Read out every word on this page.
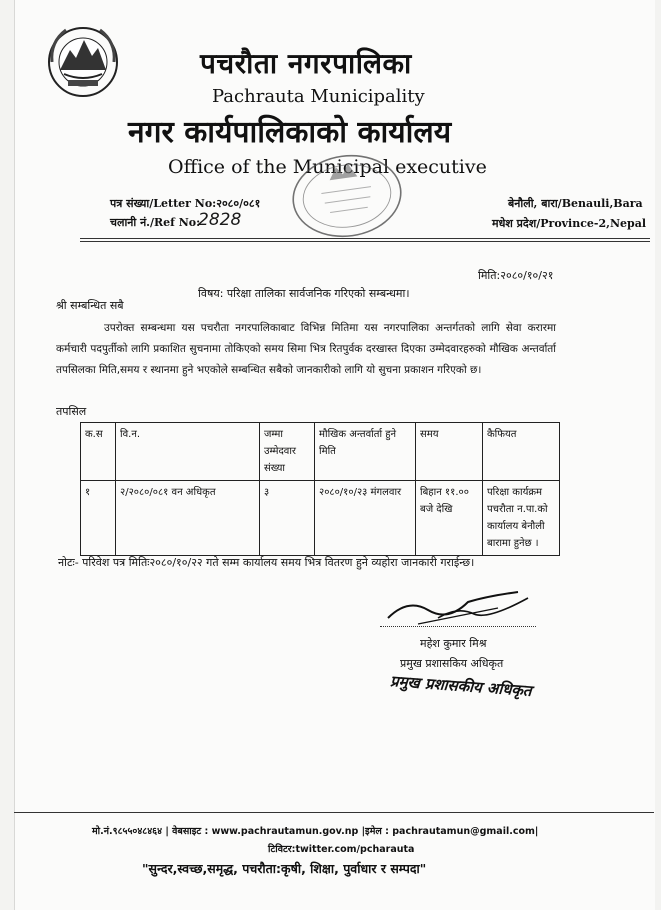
पचरौता नगरपालिका
Pachrauta Municipality
नगर कार्यपालिकाको कार्यालय
Office of the Municipal executive
पत्र संख्या/Letter No:२०८०/०८१
चलानी नं./Ref No:
2828
बेनौली, बारा/Benauli,Bara
मधेश प्रदेश/Province-2,Nepal
मिति:२०८०/१०/२१
विषय: परिक्षा तालिका सार्वजनिक गरिएको सम्बन्धमा।
श्री सम्बन्धित सबै
उपरोक्त सम्बन्धमा यस पचरौता नगरपालिकाबाट विभिन्न मितिमा यस नगरपालिका अन्तर्गतको लागि सेवा करारमा कर्मचारी पदपुर्तीको लागि प्रकाशित सुचनामा तोकिएको समय सिमा भित्र रितपुर्वक दरखास्त दिएका उम्मेदवारहरुको मौखिक अन्तर्वार्ता तपसिलका मिति,समय र स्थानमा हुने भएकोले सम्बन्धित सबैको जानकारीको लागि यो सुचना प्रकाशन गरिएको छ।
तपसिल
क.स	वि.न.	जम्मा उम्मेदवार संख्या	मौखिक अन्तर्वार्ता हुने मिति	समय	कैफियत
१	२/२०८०/०८१ वन अधिकृत	३	२०८०/१०/२३ मंगलवार	बिहान ११.०० बजे देखि	परिक्षा कार्यक्रम पचरौता न.पा.को कार्यालय बेनौली बारामा हुनेछ ।
नोटः- परिवेश पत्र मितिः२०८०/१०/२२ गते सम्म कार्यालय समय भित्र वितरण हुने व्यहोरा जानकारी गराईन्छ।
महेश कुमार मिश्र
प्रमुख प्रशासकिय अधिकृत
प्रमुख प्रशासकीय अधिकृत
मो.नं.९८५५०४८४६४ | वेबसाइट : www.pachrautamun.gov.np |इमेल : pachrautamun@gmail.com|
टिविटर:twitter.com/pcharauta
"सुन्दर,स्वच्छ,समृद्ध, पचरौता:कृषी, शिक्षा, पुर्वाधार र सम्पदा"
